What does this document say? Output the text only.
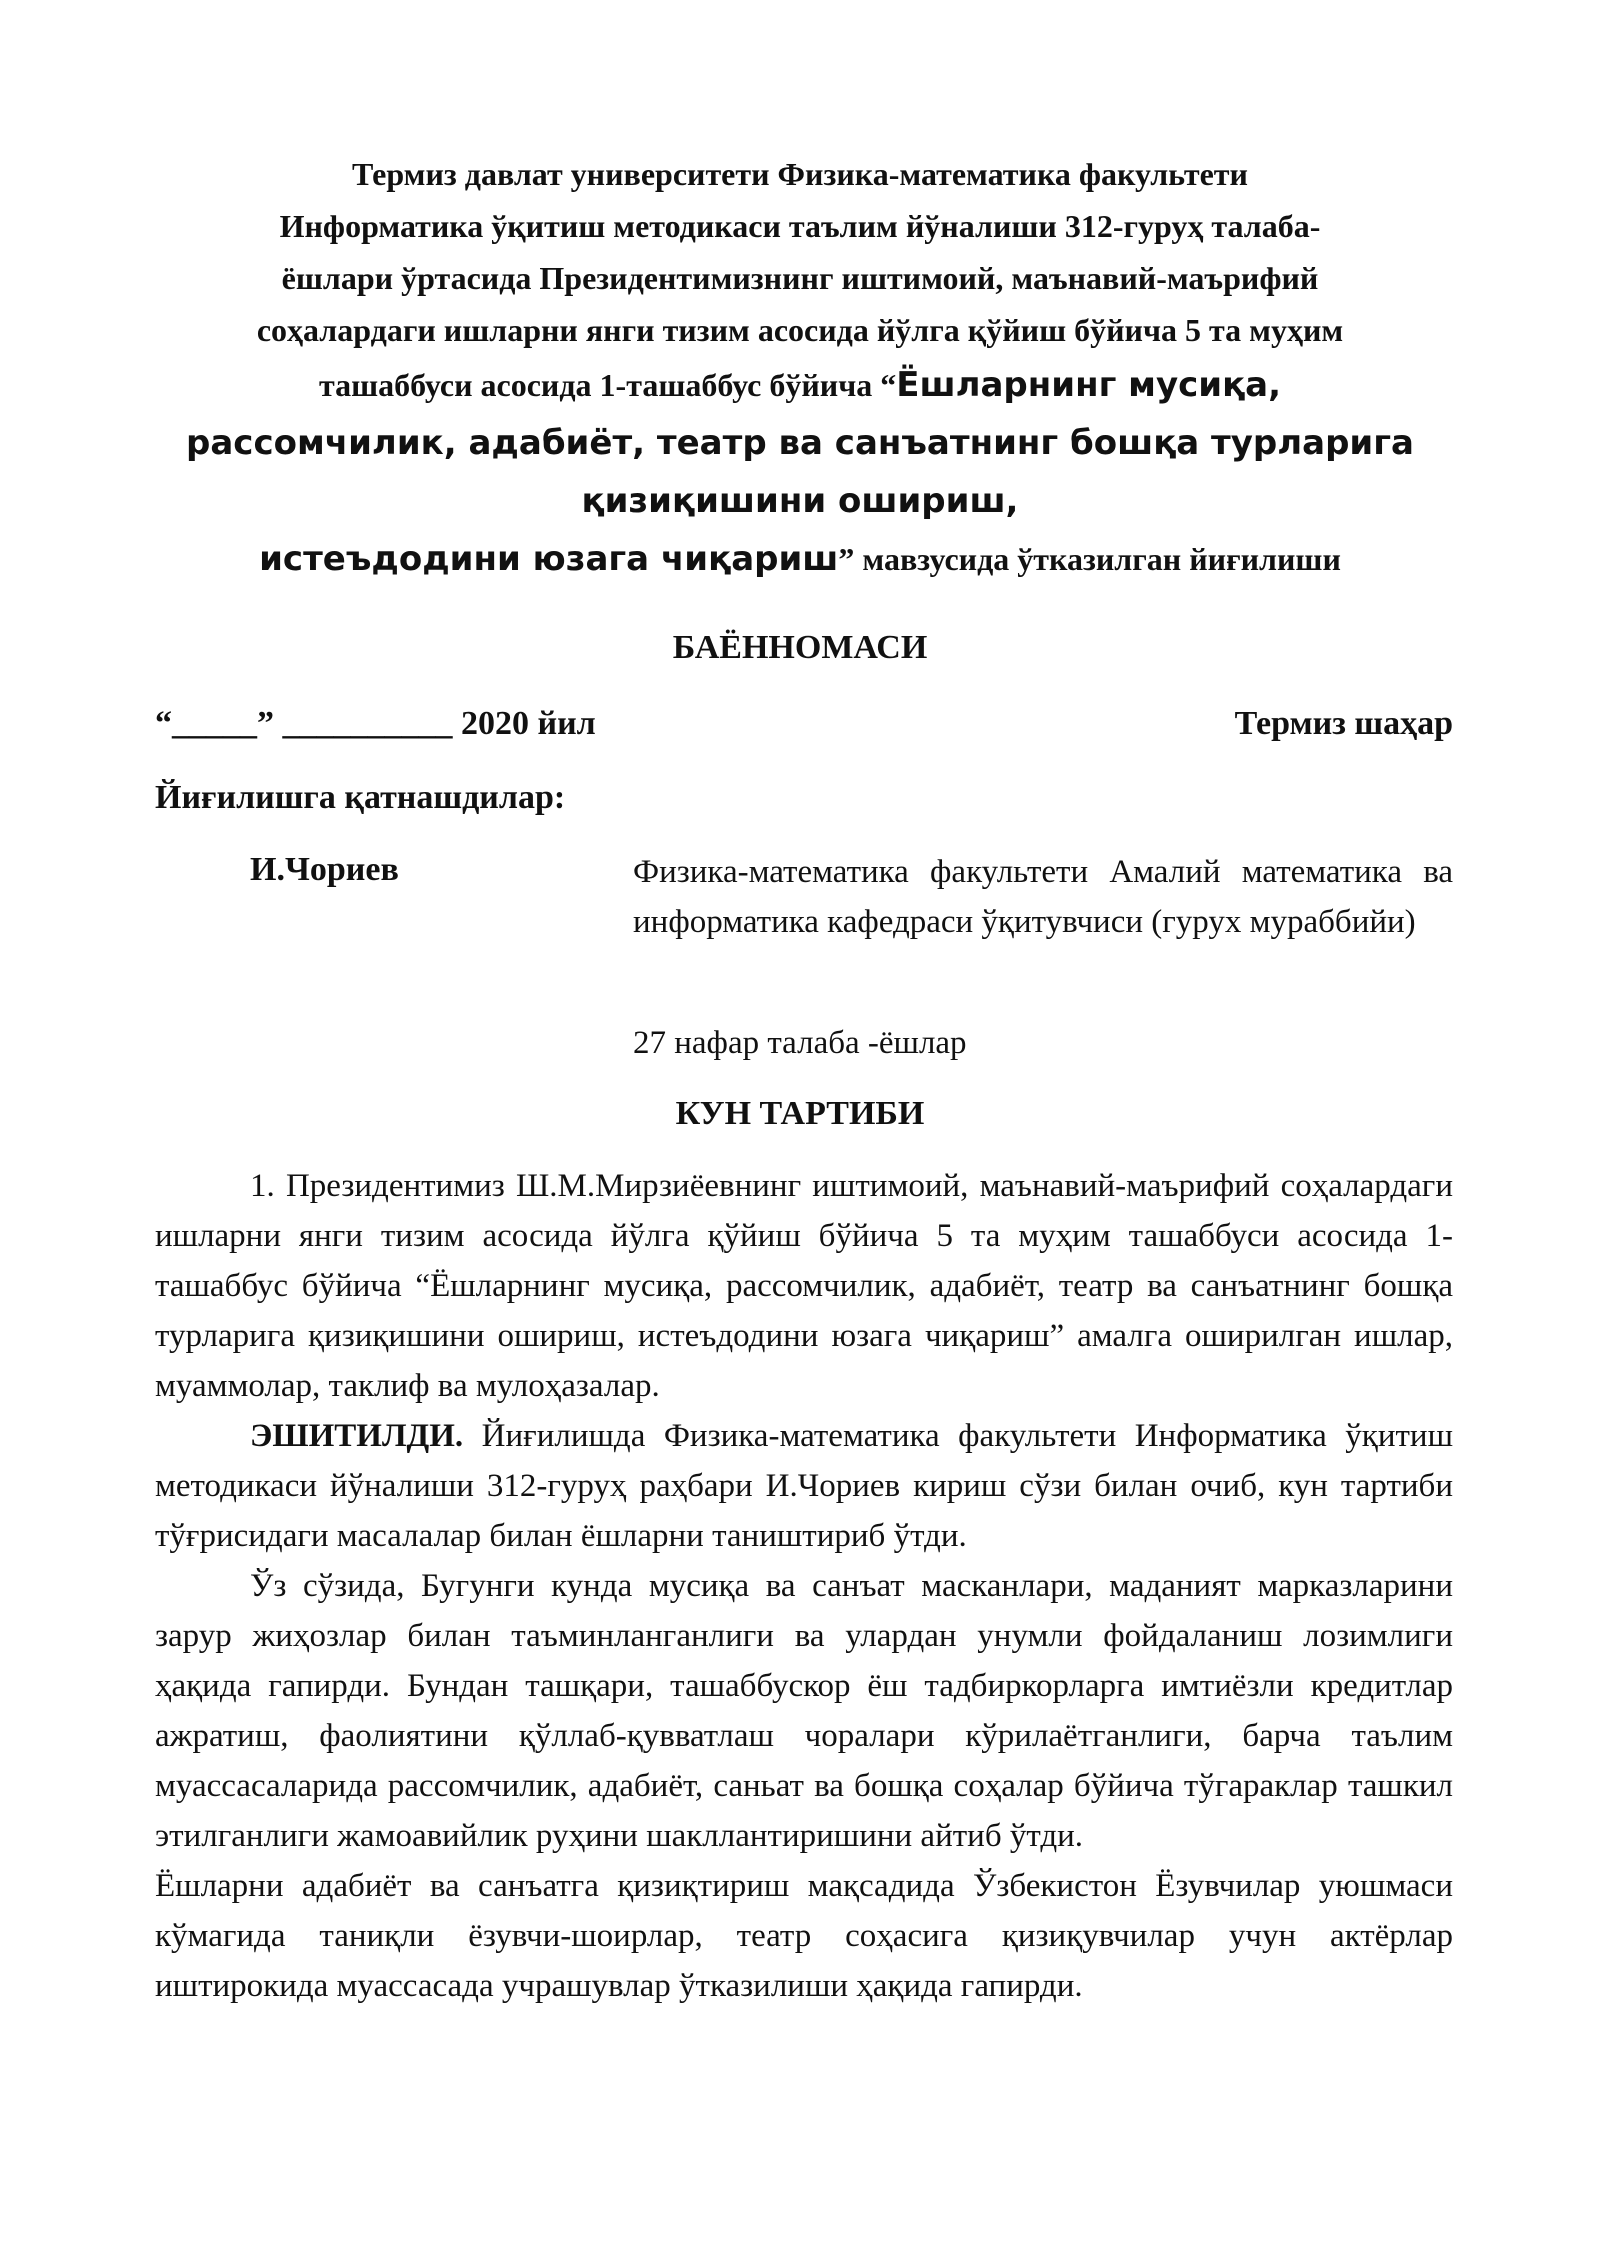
Термиз давлат университети Физика-математика факультети
Информатика ўқитиш методикаси таълим йўналиши 312-гуруҳ талаба-
ёшлари ўртасида Президентимизнинг иштимоий, маънавий-маърифий
соҳалардаги ишларни янги тизим асосида йўлга қўйиш бўйича 5 та муҳим
ташаббуси асосида 1-ташаббус бўйича “Ёшларнинг мусиқа,
рассомчилик, адабиёт, театр ва санъатнинг бошқа турларига
қизиқишини ошириш,
истеъдодини юзага чиқариш” мавзусида ўтказилган йиғилиши
БАЁННОМАСИ
“_____” __________ 2020 йил	Термиз шаҳар
Йиғилишга қатнашдилар:
И.Чориев	Физика-математика факультети Амалий математика ва информатика кафедраси ўқитувчиси (гурух мураббийи)
27 нафар талаба -ёшлар
КУН ТАРТИБИ

1. Президентимиз Ш.М.Мирзиёевнинг иштимоий, маънавий-маърифий соҳалардаги ишларни янги тизим асосида йўлга қўйиш бўйича 5 та муҳим ташаббуси асосида 1-ташаббус бўйича “Ёшларнинг мусиқа, рассомчилик, адабиёт, театр ва санъатнинг бошқа турларига қизиқишини ошириш, истеъдодини юзага чиқариш” амалга оширилган ишлар, муаммолар, таклиф ва мулоҳазалар.

ЭШИТИЛДИ. Йиғилишда Физика-математика факультети Информатика ўқитиш методикаси йўналиши 312-гуруҳ раҳбари И.Чориев кириш сўзи билан очиб, кун тартиби тўғрисидаги масалалар билан ёшларни таништириб ўтди.

Ўз сўзида, Бугунги кунда мусиқа ва санъат масканлари, маданият марказларини зарур жиҳозлар билан таъминланганлиги ва улардан унумли фойдаланиш лозимлиги ҳақида гапирди. Бундан ташқари, ташаббускор ёш тадбиркорларга имтиёзли кредитлар ажратиш, фаолиятини қўллаб-қувватлаш чоралари кўрилаётганлиги, барча таълим муассасаларида рассомчилик, адабиёт, саньат ва бошқа соҳалар бўйича тўгараклар ташкил этилганлиги жамоавийлик руҳини шакллантиришини айтиб ўтди.

Ёшларни адабиёт ва санъатга қизиқтириш мақсадида Ўзбекистон Ёзувчилар уюшмаси кўмагида таниқли ёзувчи-шоирлар, театр соҳасига қизиқувчилар учун актёрлар иштирокида муассасада учрашувлар ўтказилиши ҳақида гапирди.
